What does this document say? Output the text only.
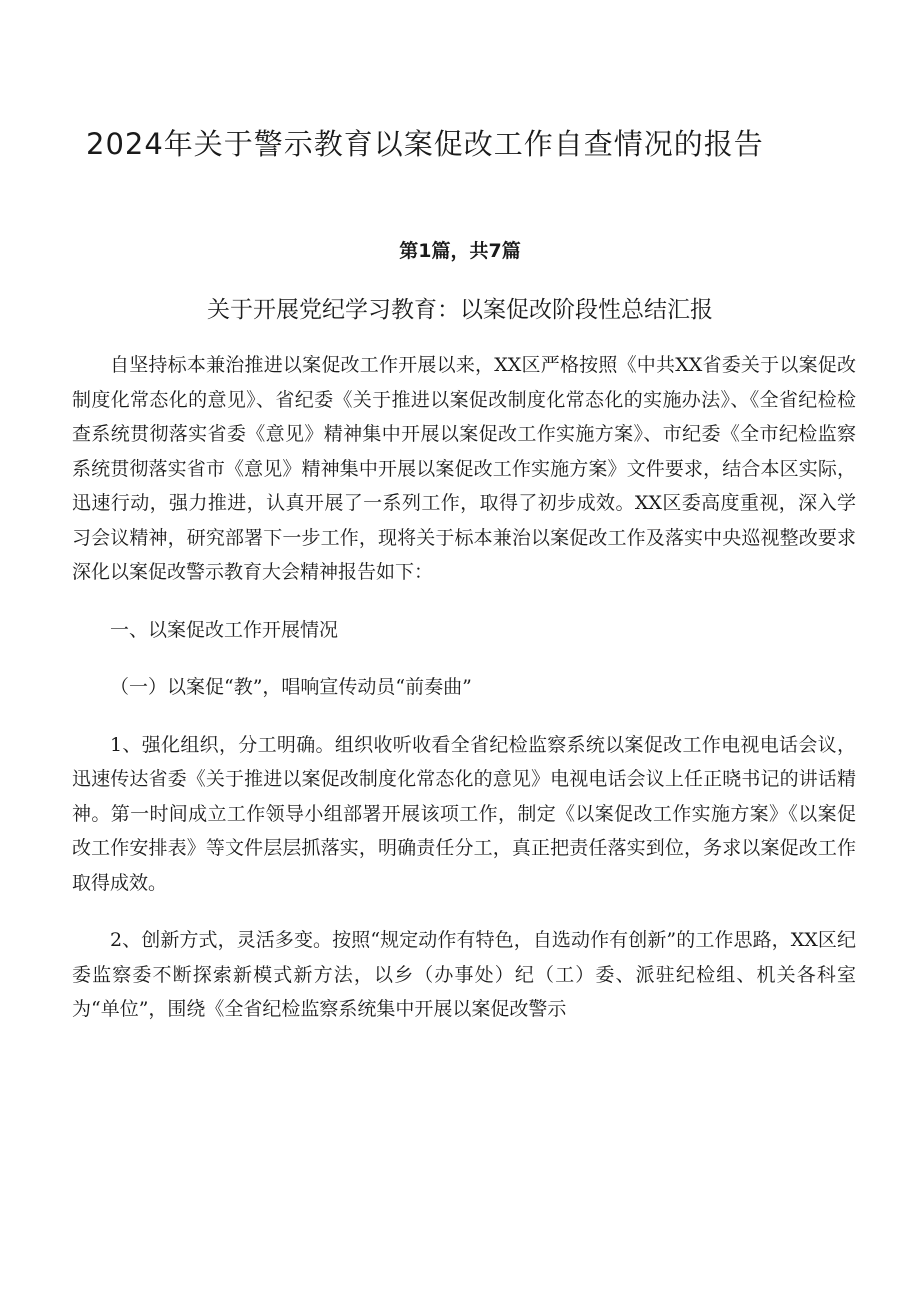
2024年关于警示教育以案促改工作自查情况的报告
第1篇，共7篇
关于开展党纪学习教育：以案促改阶段性总结汇报

自坚持标本兼治推进以案促改工作开展以来，XX区严格按照《中共XX省委关于以案促改制度化常态化的意见》、省纪委《关于推进以案促改制度化常态化的实施办法》、《全省纪检检查系统贯彻落实省委《意见》精神集中开展以案促改工作实施方案》、市纪委《全市纪检监察系统贯彻落实省市《意见》精神集中开展以案促改工作实施方案》文件要求，结合本区实际，迅速行动，强力推进，认真开展了一系列工作，取得了初步成效。XX区委高度重视，深入学习会议精神，研究部署下一步工作，现将关于标本兼治以案促改工作及落实中央巡视整改要求深化以案促改警示教育大会精神报告如下：

一、以案促改工作开展情况

（一）以案促“教”，唱响宣传动员“前奏曲”

1、强化组织，分工明确。组织收听收看全省纪检监察系统以案促改工作电视电话会议，迅速传达省委《关于推进以案促改制度化常态化的意见》电视电话会议上任正晓书记的讲话精神。第一时间成立工作领导小组部署开展该项工作，制定《以案促改工作实施方案》《以案促改工作安排表》等文件层层抓落实，明确责任分工，真正把责任落实到位，务求以案促改工作取得成效。

2、创新方式，灵活多变。按照“规定动作有特色，自选动作有创新”的工作思路，XX区纪委监察委不断探索新模式新方法，以乡（办事处）纪（工）委、派驻纪检组、机关各科室为“单位”，围绕《全省纪检监察系统集中开展以案促改警示
